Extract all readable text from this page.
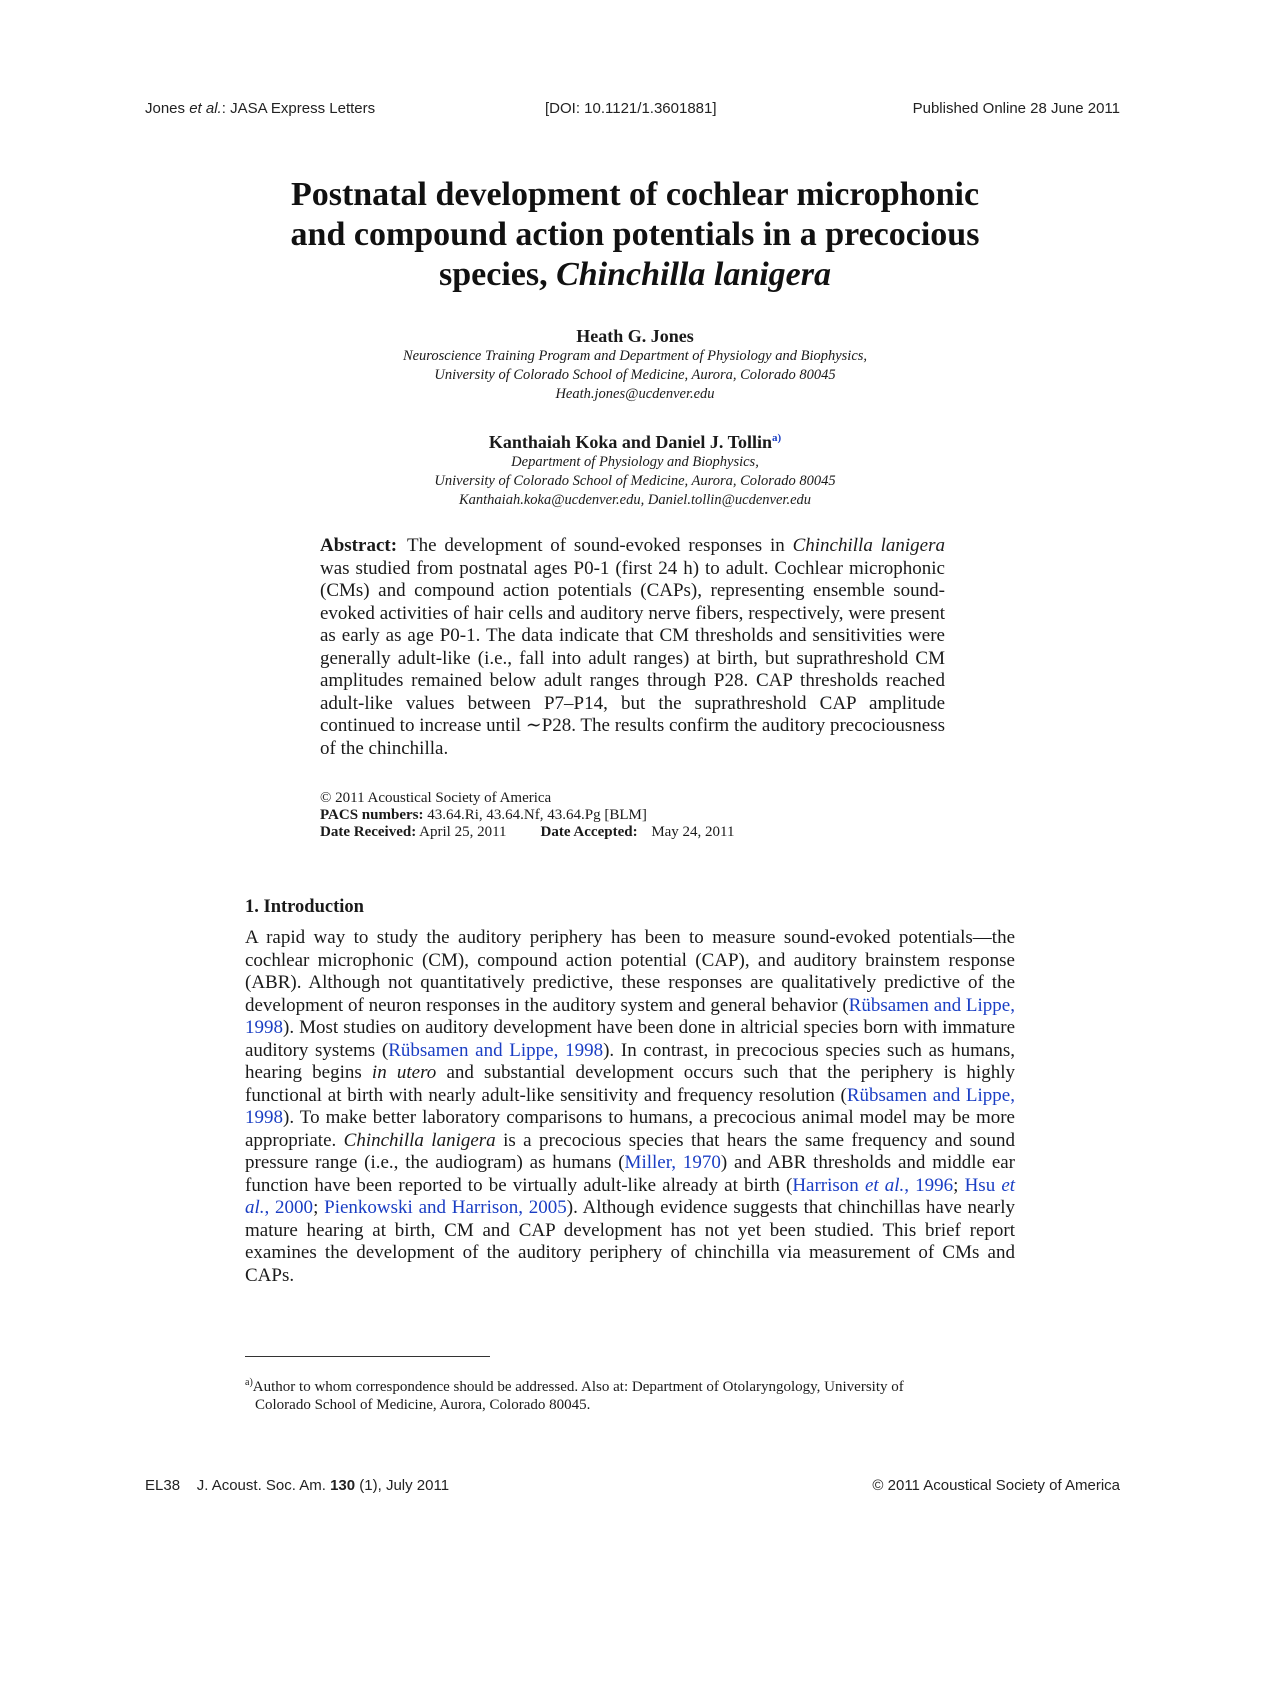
Jones et al.: JASA Express Letters	[DOI: 10.1121/1.3601881]	Published Online 28 June 2011
Postnatal development of cochlear microphonic
and compound action potentials in a precocious
species, Chinchilla lanigera
Heath G. Jones
Neuroscience Training Program and Department of Physiology and Biophysics,
University of Colorado School of Medicine, Aurora, Colorado 80045
Heath.jones@ucdenver.edu
Kanthaiah Koka and Daniel J. Tollin$^{a)}$
Department of Physiology and Biophysics,
University of Colorado School of Medicine, Aurora, Colorado 80045
Kanthaiah.koka@ucdenver.edu, Daniel.tollin@ucdenver.edu
Abstract: The development of sound-evoked responses in Chinchilla lanigera was studied from postnatal ages P0-1 (first 24 h) to adult. Cochlear microphonic (CMs) and compound action potentials (CAPs), representing ensemble sound-evoked activities of hair cells and auditory nerve fibers, respectively, were present as early as age P0-1. The data indicate that CM thresholds and sensitivities were generally adult-like (i.e., fall into adult ranges) at birth, but suprathreshold CM amplitudes remained below adult ranges through P28. CAP thresholds reached adult-like values between P7–P14, but the suprathreshold CAP amplitude continued to increase until ∼P28. The results confirm the auditory precociousness of the chinchilla.
© 2011 Acoustical Society of America
PACS numbers: 43.64.Ri, 43.64.Nf, 43.64.Pg [BLM]
Date Received: April 25, 2011 Date Accepted: May 24, 2011
1. Introduction
A rapid way to study the auditory periphery has been to measure sound-evoked potentials—the cochlear microphonic (CM), compound action potential (CAP), and auditory brainstem response (ABR). Although not quantitatively predictive, these responses are qualitatively predictive of the development of neuron responses in the auditory system and general behavior (Rübsamen and Lippe, 1998). Most studies on auditory development have been done in altricial species born with immature auditory systems (Rübsamen and Lippe, 1998). In contrast, in precocious species such as humans, hearing begins in utero and substantial development occurs such that the periphery is highly functional at birth with nearly adult-like sensitivity and frequency resolution (Rübsamen and Lippe, 1998). To make better laboratory comparisons to humans, a precocious animal model may be more appropriate. Chinchilla lanigera is a precocious species that hears the same frequency and sound pressure range (i.e., the audiogram) as humans (Miller, 1970) and ABR thresholds and middle ear function have been reported to be virtually adult-like already at birth (Harrison et al., 1996; Hsu et al., 2000; Pienkowski and Harrison, 2005). Although evidence suggests that chinchillas have nearly mature hearing at birth, CM and CAP development has not yet been studied. This brief report examines the development of the auditory periphery of chinchilla via measurement of CMs and CAPs.
$^{a)}$Author to whom correspondence should be addressed. Also at: Department of Otolaryngology, University of
Colorado School of Medicine, Aurora, Colorado 80045.
EL38    J. Acoust. Soc. Am. 130 (1), July 2011	© 2011 Acoustical Society of America
